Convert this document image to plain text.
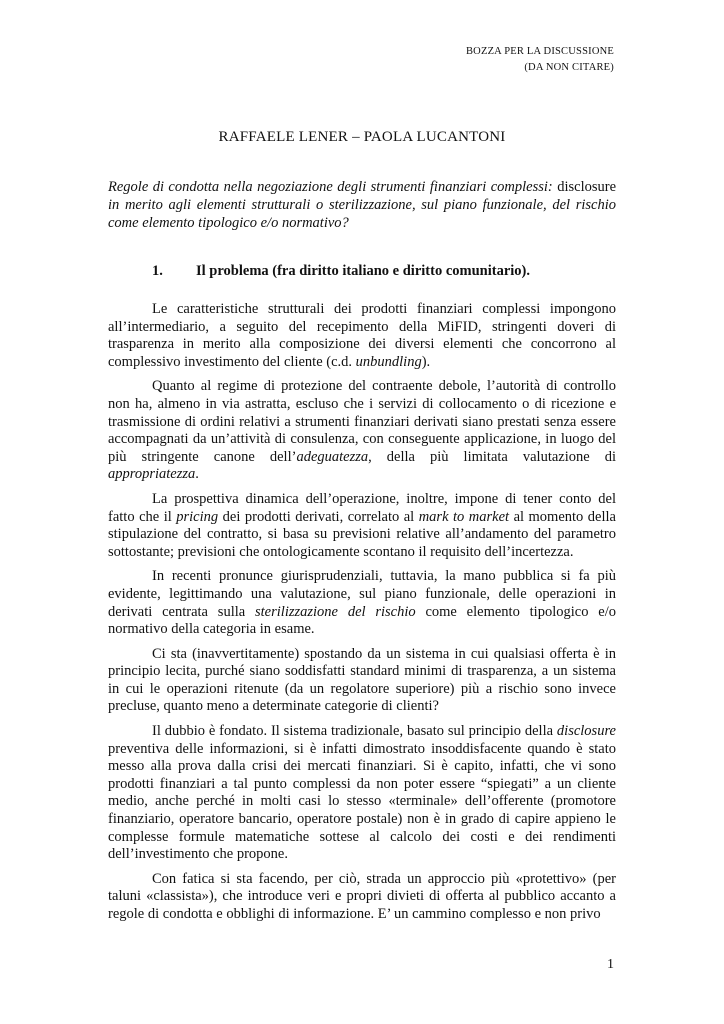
BOZZA PER LA DISCUSSIONE
(DA NON CITARE)
RAFFAELE LENER – PAOLA LUCANTONI
Regole di condotta nella negoziazione degli strumenti finanziari complessi: disclosure in merito agli elementi strutturali o sterilizzazione, sul piano funzionale, del rischio come elemento tipologico e/o normativo?
1. Il problema (fra diritto italiano e diritto comunitario).

Le caratteristiche strutturali dei prodotti finanziari complessi impongono all’intermediario, a seguito del recepimento della MiFID, stringenti doveri di trasparenza in merito alla composizione dei diversi elementi che concorrono al complessivo investimento del cliente (c.d. unbundling).

Quanto al regime di protezione del contraente debole, l’autorità di controllo non ha, almeno in via astratta, escluso che i servizi di collocamento o di ricezione e trasmissione di ordini relativi a strumenti finanziari derivati siano prestati senza essere accompagnati da un’attività di consulenza, con conseguente applicazione, in luogo del più stringente canone dell’adeguatezza, della più limitata valutazione di appropriatezza.

La prospettiva dinamica dell’operazione, inoltre, impone di tener conto del fatto che il pricing dei prodotti derivati, correlato al mark to market al momento della stipulazione del contratto, si basa su previsioni relative all’andamento del parametro sottostante; previsioni che ontologicamente scontano il requisito dell’incertezza.

In recenti pronunce giurisprudenziali, tuttavia, la mano pubblica si fa più evidente, legittimando una valutazione, sul piano funzionale, delle operazioni in derivati centrata sulla sterilizzazione del rischio come elemento tipologico e/o normativo della categoria in esame.

Ci sta (inavvertitamente) spostando da un sistema in cui qualsiasi offerta è in principio lecita, purché siano soddisfatti standard minimi di trasparenza, a un sistema in cui le operazioni ritenute (da un regolatore superiore) più a rischio sono invece precluse, quanto meno a determinate categorie di clienti?

Il dubbio è fondato. Il sistema tradizionale, basato sul principio della disclosure preventiva delle informazioni, si è infatti dimostrato insoddisfacente quando è stato messo alla prova dalla crisi dei mercati finanziari. Si è capito, infatti, che vi sono prodotti finanziari a tal punto complessi da non poter essere “spiegati” a un cliente medio, anche perché in molti casi lo stesso «terminale» dell’offerente (promotore finanziario, operatore bancario, operatore postale) non è in grado di capire appieno le complesse formule matematiche sottese al calcolo dei costi e dei rendimenti dell’investimento che propone.

Con fatica si sta facendo, per ciò, strada un approccio più «protettivo» (per taluni «classista»), che introduce veri e propri divieti di offerta al pubblico accanto a regole di condotta e obblighi di informazione. E’ un cammino complesso e non privo

1
